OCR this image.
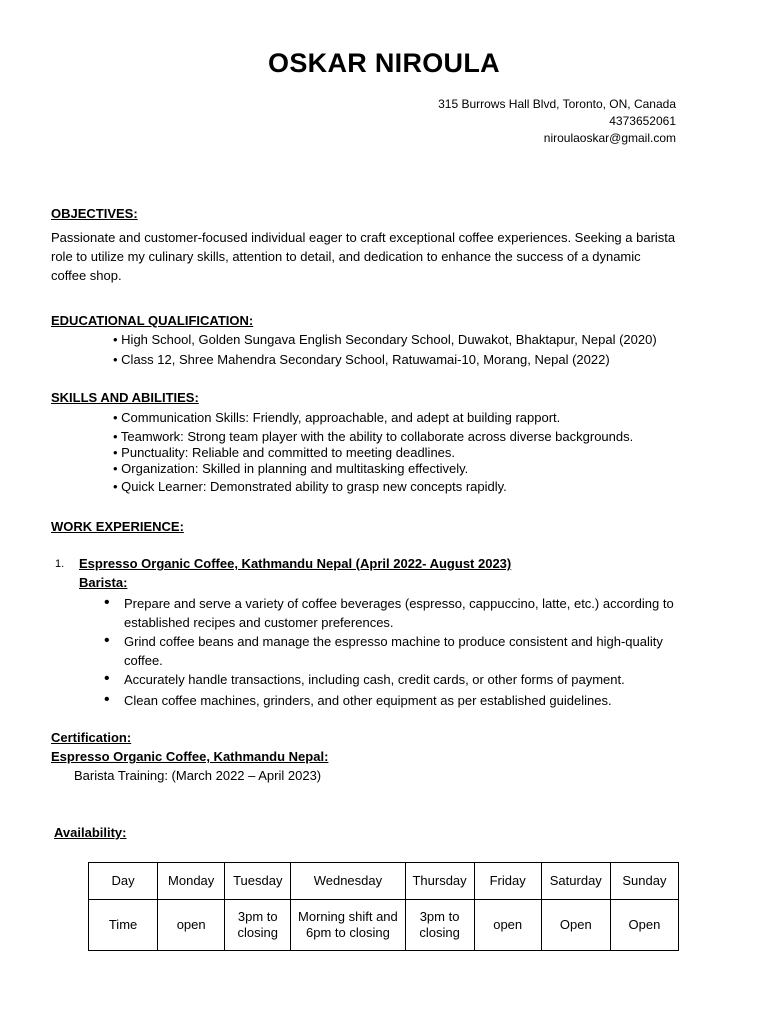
OSKAR NIROULA
315 Burrows Hall Blvd, Toronto, ON, Canada
4373652061
niroulaoskar@gmail.com
OBJECTIVES:
Passionate and customer-focused individual eager to craft exceptional coffee experiences. Seeking a barista
role to utilize my culinary skills, attention to detail, and dedication to enhance the success of a dynamic
coffee shop.
EDUCATIONAL QUALIFICATION:
• High School, Golden Sungava English Secondary School, Duwakot, Bhaktapur, Nepal (2020)
• Class 12, Shree Mahendra Secondary School, Ratuwamai-10, Morang, Nepal (2022)
SKILLS AND ABILITIES:
• Communication Skills: Friendly, approachable, and adept at building rapport.
• Teamwork: Strong team player with the ability to collaborate across diverse backgrounds.
• Punctuality: Reliable and committed to meeting deadlines.
• Organization: Skilled in planning and multitasking effectively.
• Quick Learner: Demonstrated ability to grasp new concepts rapidly.
WORK EXPERIENCE:
1. Espresso Organic Coffee, Kathmandu Nepal (April 2022- August 2023)
Barista:
• Prepare and serve a variety of coffee beverages (espresso, cappuccino, latte, etc.) according to
established recipes and customer preferences.
• Grind coffee beans and manage the espresso machine to produce consistent and high-quality
coffee.
• Accurately handle transactions, including cash, credit cards, or other forms of payment.
• Clean coffee machines, grinders, and other equipment as per established guidelines.
Certification:
Espresso Organic Coffee, Kathmandu Nepal:
Barista Training: (March 2022 – April 2023)
Availability:
Day	Monday	Tuesday	Wednesday	Thursday	Friday	Saturday	Sunday
Time	open	3pm to closing	Morning shift and 6pm to closing	3pm to closing	open	Open	Open
